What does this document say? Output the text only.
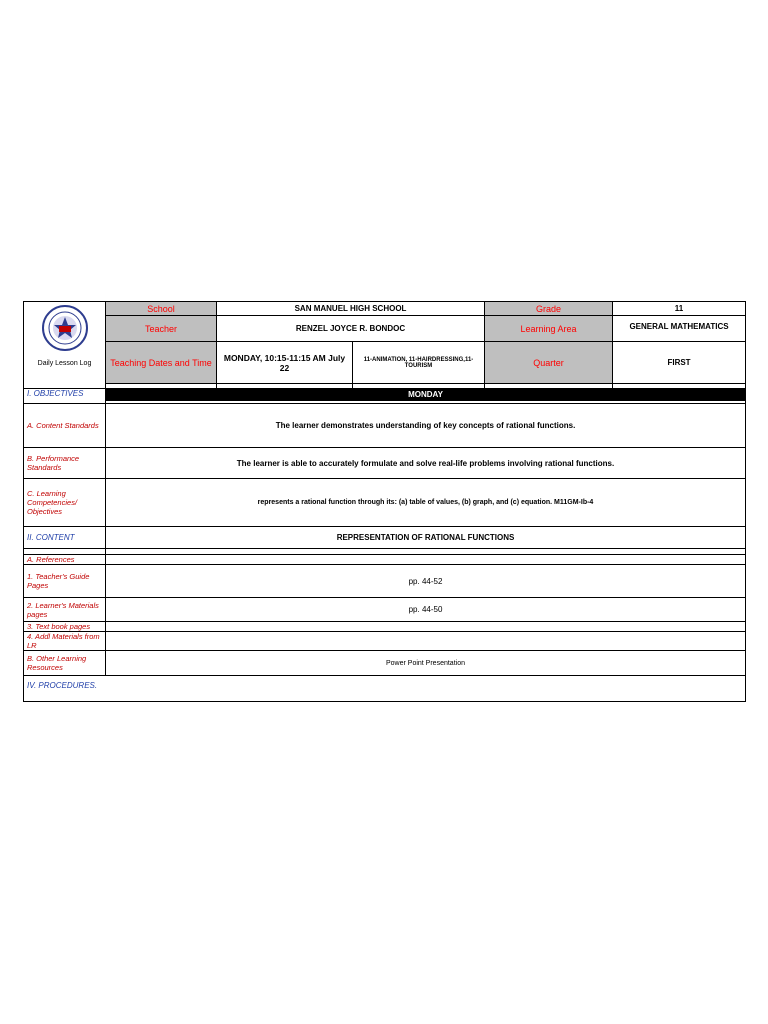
Daily Lesson Log	School	SAN MANUEL HIGH SCHOOL		Grade	11
	Teacher	RENZEL JOYCE R. BONDOC		Learning Area	GENERAL MATHEMATICS
	Teaching Dates and Time	MONDAY, 10:15-11:15 AM July 22	11-ANIMATION, 11-HAIRDRESSING,11-TOURISM	Quarter	FIRST

I. OBJECTIVES	MONDAY				

A. Content Standards	The learner demonstrates understanding of key concepts of rational functions.				
B. Performance Standards	The learner is able to accurately formulate and solve real-life problems involving rational functions.				
C. Learning Competencies/ Objectives	represents a rational function through its: (a) table of values, (b) graph, and (c) equation. M11GM-Ib-4				
II. CONTENT	REPRESENTATION OF RATIONAL FUNCTIONS				

A. References					
1. Teacher's Guide Pages	pp. 44-52				
2. Learner's Materials pages	pp. 44-50				
3. Text book pages					
4. Addl Materials from LR					
B. Other Learning Resources	Power Point Presentation				
IV. PROCEDURES.					
